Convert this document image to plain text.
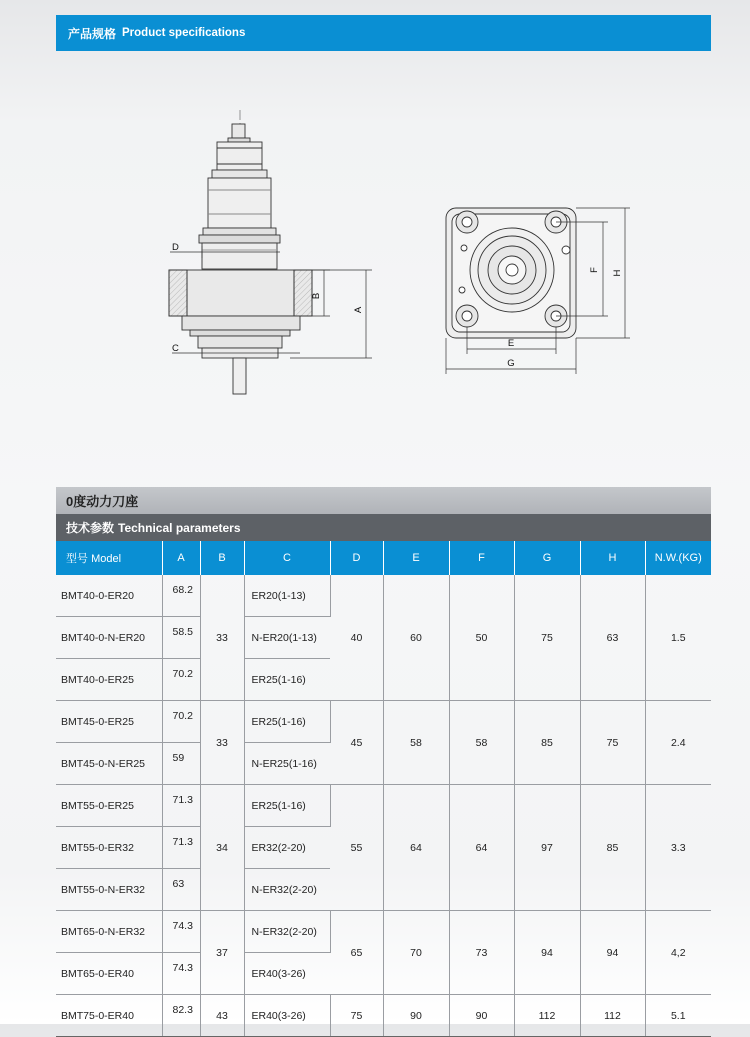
产品规格 Product specifications
D
B
A
C
F H
E
G
0度动力刀座
技术参数 Technical parameters
型号 Model	A	B	C	D	E	F	G	H	N.W.(KG)
BMT40-0-ER20	68.2	33	ER20(1-13)	40	60	50	75	63	1.5
BMT40-0-N-ER20	58.5		N-ER20(1-13)						
BMT40-0-ER25	70.2		ER25(1-16)						
BMT45-0-ER25	70.2	33	ER25(1-16)	45	58	58	85	75	2.4
BMT45-0-N-ER25	59		N-ER25(1-16)						
BMT55-0-ER25	71.3	34	ER25(1-16)	55	64	64	97	85	3.3
BMT55-0-ER32	71.3		ER32(2-20)						
BMT55-0-N-ER32	63		N-ER32(2-20)						
BMT65-0-N-ER32	74.3	37	N-ER32(2-20)	65	70	73	94	94	4,2
BMT65-0-ER40	74.3		ER40(3-26)						
BMT75-0-ER40	82.3	43	ER40(3-26)	75	90	90	112	112	5.1
